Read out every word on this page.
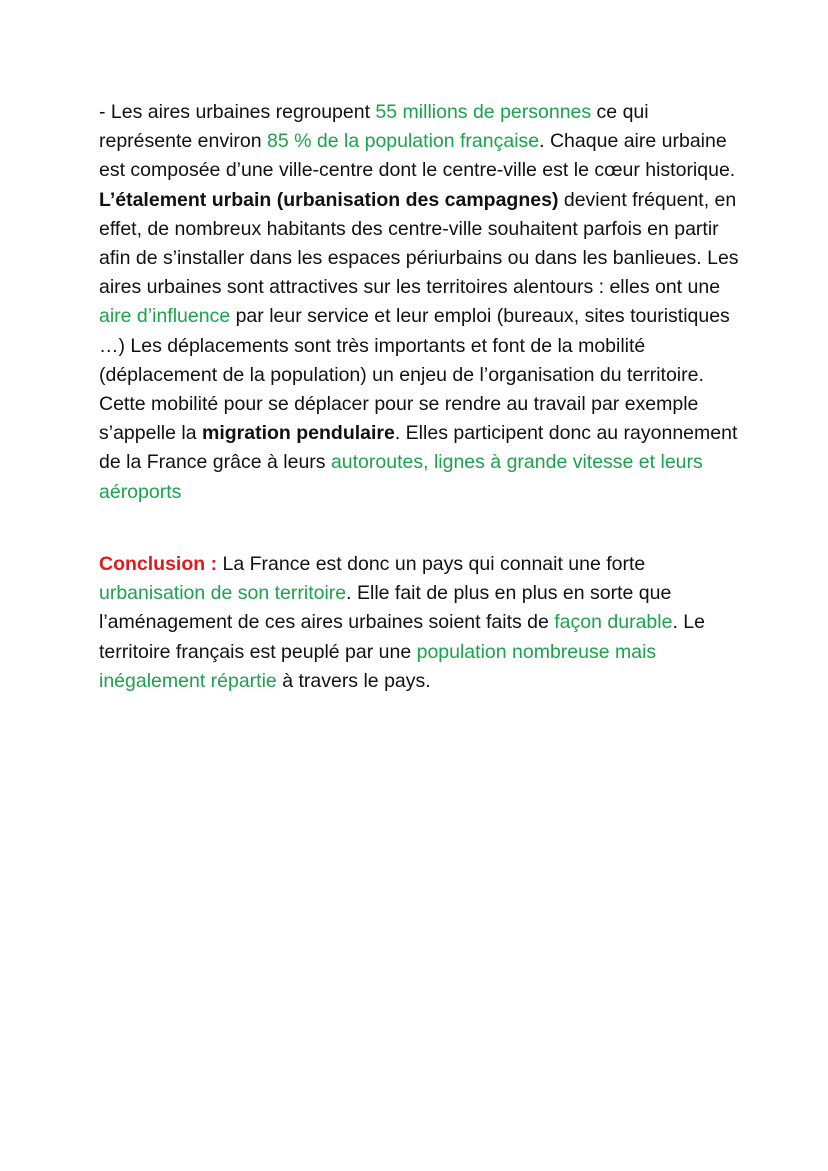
- Les aires urbaines regroupent 55 millions de personnes ce qui représente environ 85 % de la population française. Chaque aire urbaine est composée d’une ville-centre dont le centre-ville est le cœur historique. L’étalement urbain (urbanisation des campagnes) devient fréquent, en effet, de nombreux habitants des centre-ville souhaitent parfois en partir afin de s’installer dans les espaces périurbains ou dans les banlieues. Les aires urbaines sont attractives sur les territoires alentours : elles ont une aire d’influence par leur service et leur emploi (bureaux, sites touristiques …) Les déplacements sont très importants et font de la mobilité (déplacement de la population) un enjeu de l’organisation du territoire. Cette mobilité pour se déplacer pour se rendre au travail par exemple s’appelle la migration pendulaire. Elles participent donc au rayonnement de la France grâce à leurs autoroutes, lignes à grande vitesse et leurs aéroports

Conclusion : La France est donc un pays qui connait une forte urbanisation de son territoire. Elle fait de plus en plus en sorte que l’aménagement de ces aires urbaines soient faits de façon durable. Le territoire français est peuplé par une population nombreuse mais inégalement répartie à travers le pays.
